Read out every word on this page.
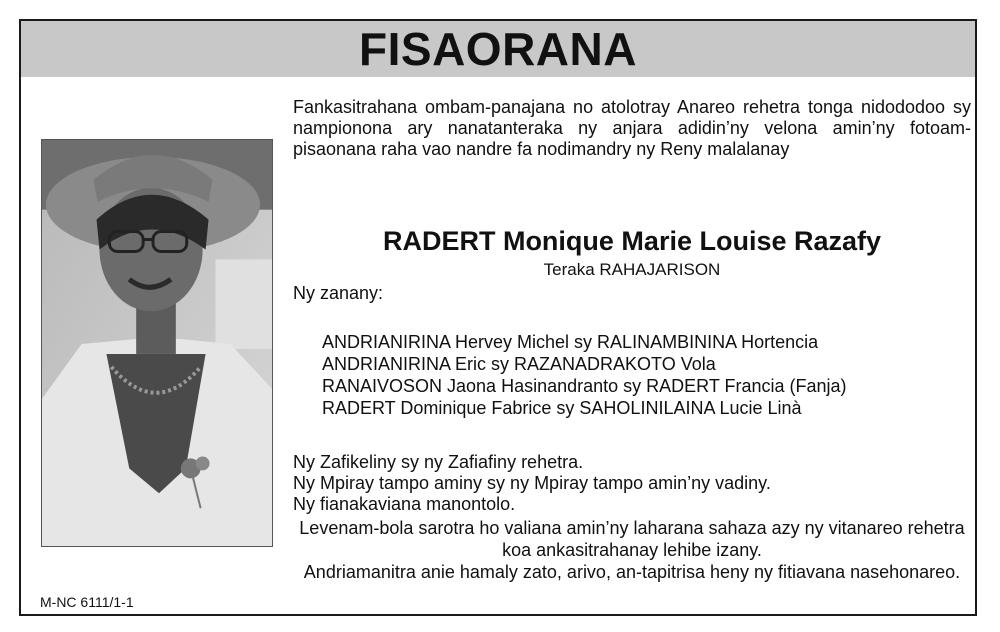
FISAORANA

Fankasitrahana ombam-panajana no atolotray Anareo rehetra tonga nidododoo sy nampionona ary nanatanteraka ny anjara adidin’ny velona amin’ny fotoam-pisaonana raha vao nandre fa nodimandry ny Reny malalanay

RADERT Monique Marie Louise Razafy

Teraka RAHAJARISON

Ny zanany:

ANDRIANIRINA Hervey Michel sy RALINAMBININA Hortencia
ANDRIANIRINA Eric sy RAZANADRAKOTO Vola
RANAIVOSON Jaona Hasinandranto sy RADERT Francia (Fanja)
RADERT Dominique Fabrice sy SAHOLINILAINA Lucie Linà
Ny Zafikeliny sy ny Zafiafiny rehetra.
Ny Mpiray tampo aminy sy ny Mpiray tampo amin’ny vadiny.
Ny fianakaviana manontolo.

Levenam-bola sarotra ho valiana amin’ny laharana sahaza azy ny vitanareo rehetra koa ankasitrahanay lehibe izany.

Andriamanitra anie hamaly zato, arivo, an-tapitrisa heny ny fitiavana nasehonareo.

M-NC 6111/1-1
